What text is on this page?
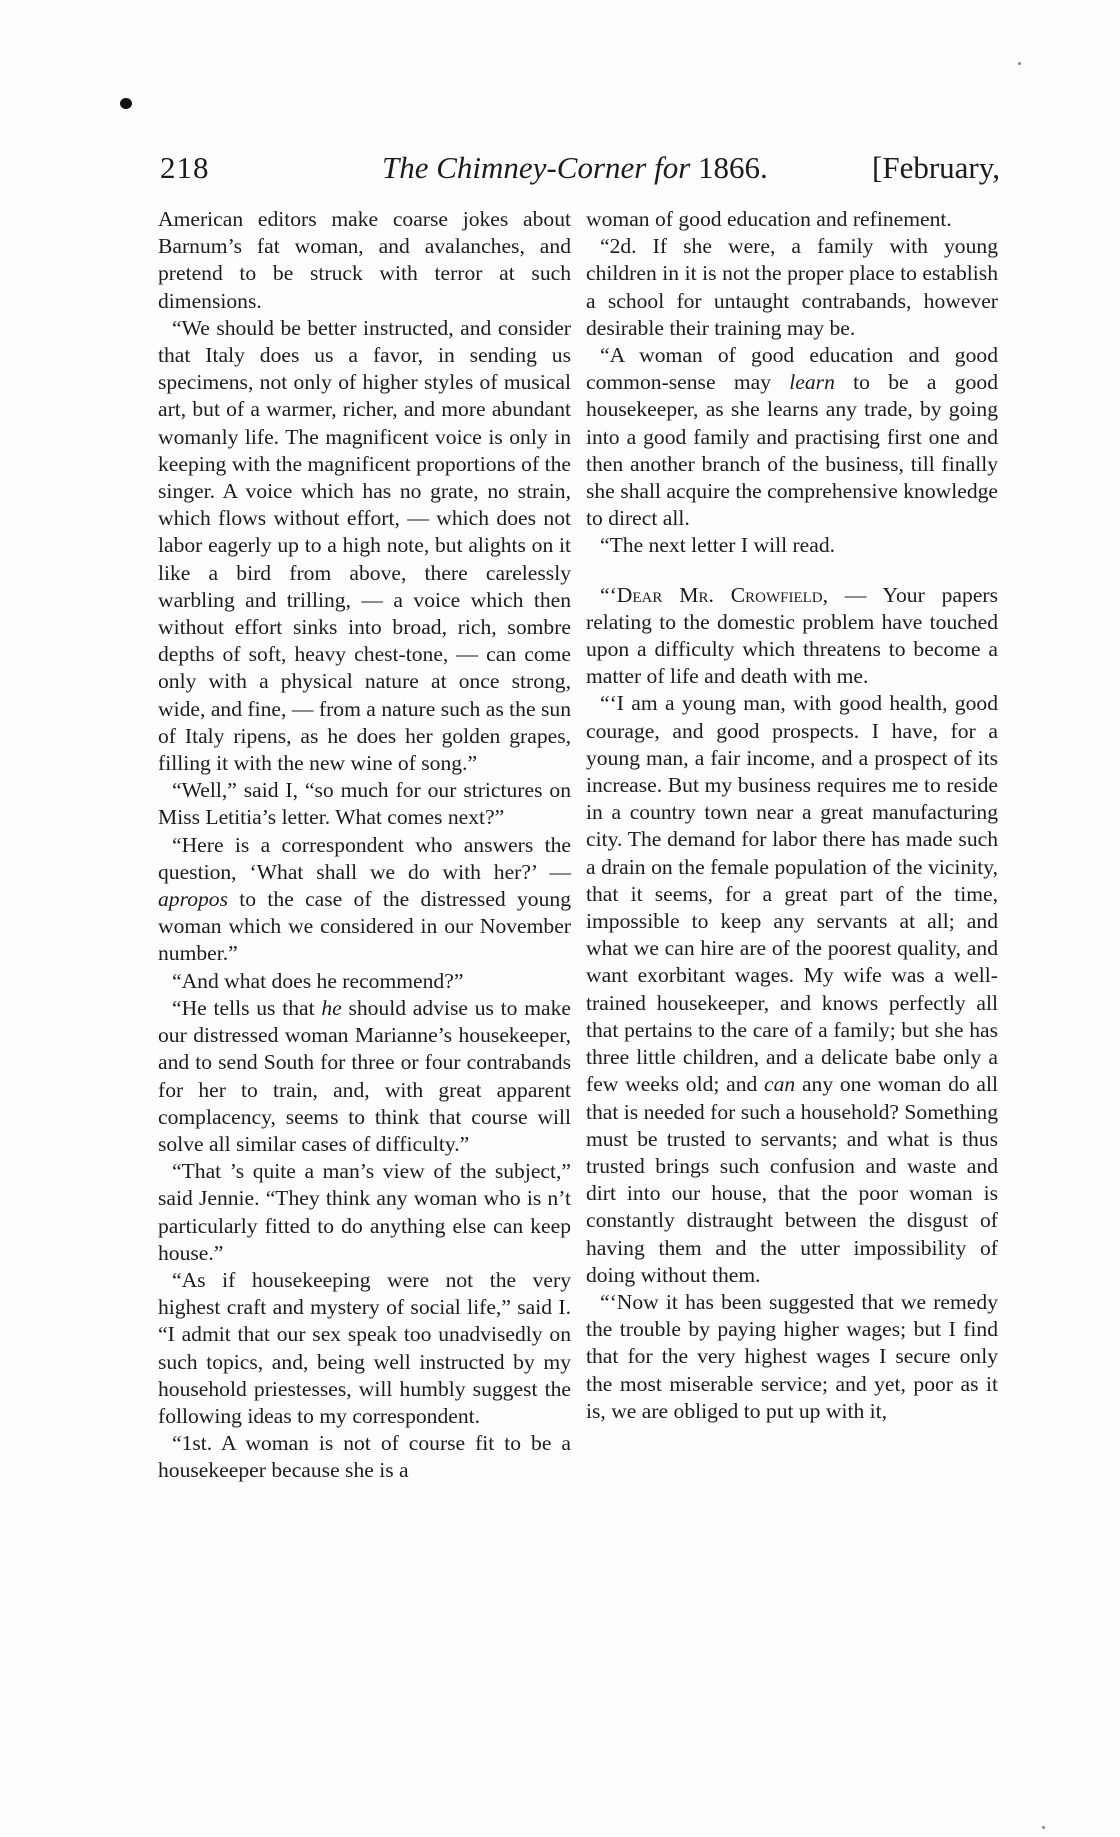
218	The Chimney-Corner for 1866.	[February,

American editors make coarse jokes about Barnum’s fat woman, and avalanches, and pretend to be struck with terror at such dimensions.

“We should be better instructed, and consider that Italy does us a favor, in sending us specimens, not only of higher styles of musical art, but of a warmer, richer, and more abundant womanly life. The magnificent voice is only in keeping with the magnificent proportions of the singer. A voice which has no grate, no strain, which flows without effort, — which does not labor eagerly up to a high note, but alights on it like a bird from above, there carelessly warbling and trilling, — a voice which then without effort sinks into broad, rich, sombre depths of soft, heavy chest-tone, — can come only with a physical nature at once strong, wide, and fine, — from a nature such as the sun of Italy ripens, as he does her golden grapes, filling it with the new wine of song.”

“Well,” said I, “so much for our strictures on Miss Letitia’s letter. What comes next?”

“Here is a correspondent who answers the question, ‘What shall we do with her?’ — apropos to the case of the distressed young woman which we considered in our November number.”

“And what does he recommend?”

“He tells us that he should advise us to make our distressed woman Marianne’s housekeeper, and to send South for three or four contrabands for her to train, and, with great apparent complacency, seems to think that course will solve all similar cases of difficulty.”

“That ’s quite a man’s view of the subject,” said Jennie. “They think any woman who is n’t particularly fitted to do anything else can keep house.”

“As if housekeeping were not the very highest craft and mystery of social life,” said I. “I admit that our sex speak too unadvisedly on such topics, and, being well instructed by my household priestesses, will humbly suggest the following ideas to my correspondent.

“1st. A woman is not of course fit to be a housekeeper because she is a

woman of good education and refinement.

“2d. If she were, a family with young children in it is not the proper place to establish a school for untaught contrabands, however desirable their training may be.

“A woman of good education and good common-sense may learn to be a good housekeeper, as she learns any trade, by going into a good family and practising first one and then another branch of the business, till finally she shall acquire the comprehensive knowledge to direct all.

“The next letter I will read.

“‘Dear Mr. Crowfield, — Your papers relating to the domestic problem have touched upon a difficulty which threatens to become a matter of life and death with me.

“‘I am a young man, with good health, good courage, and good prospects. I have, for a young man, a fair income, and a prospect of its increase. But my business requires me to reside in a country town near a great manufacturing city. The demand for labor there has made such a drain on the female population of the vicinity, that it seems, for a great part of the time, impossible to keep any servants at all; and what we can hire are of the poorest quality, and want exorbitant wages. My wife was a well-trained housekeeper, and knows perfectly all that pertains to the care of a family; but she has three little children, and a delicate babe only a few weeks old; and can any one woman do all that is needed for such a household? Something must be trusted to servants; and what is thus trusted brings such confusion and waste and dirt into our house, that the poor woman is constantly distraught between the disgust of having them and the utter impossibility of doing without them.

“‘Now it has been suggested that we remedy the trouble by paying higher wages; but I find that for the very highest wages I secure only the most miserable service; and yet, poor as it is, we are obliged to put up with it,
